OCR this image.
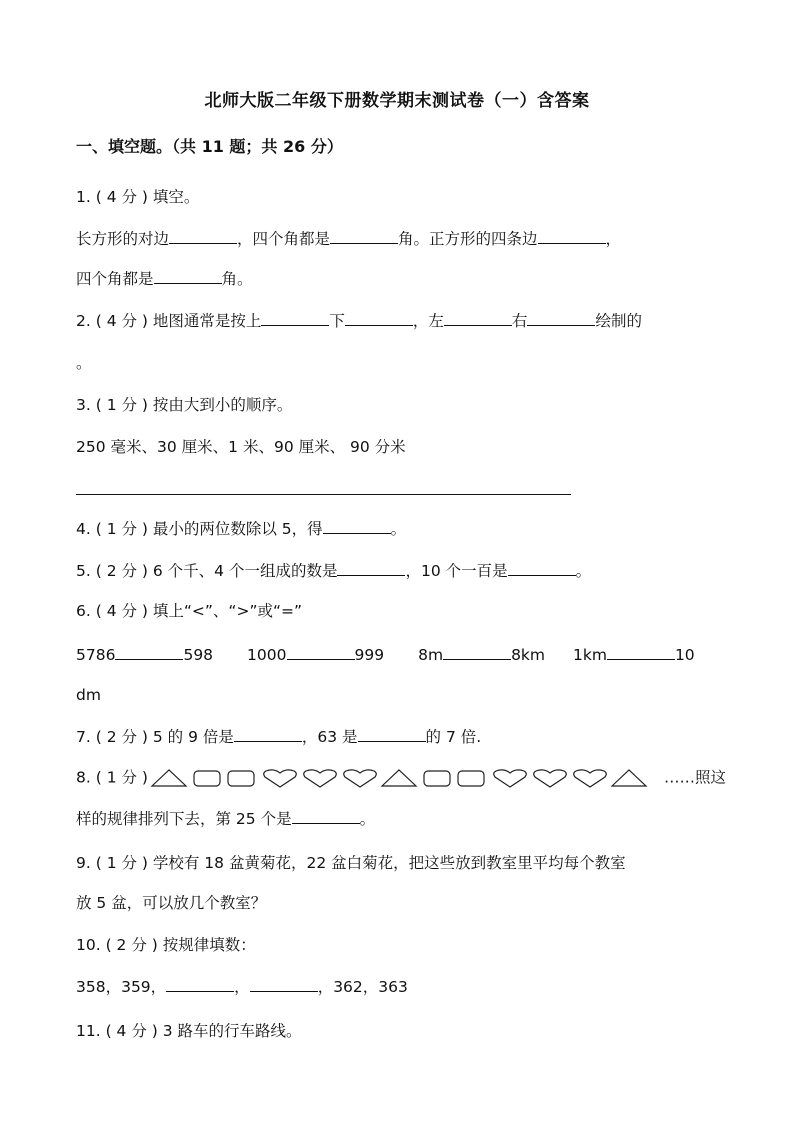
北师大版二年级下册数学期末测试卷（一）含答案
一、填空题。（共 11 题；共 26 分）
1. ( 4 分 ) 填空。
长方形的对边	，四个角都是	角。正方形的四条边	，
四个角都是	角。
2. ( 4 分 ) 地图通常是按上	下	，左	右	绘制的
。
3. ( 1 分 ) 按由大到小的顺序。
250 毫米、30 厘米、1 米、90 厘米、 90 分米
4. ( 1 分 ) 最小的两位数除以 5，得	。
5. ( 2 分 ) 6 个千、4 个一组成的数是	，10 个一百是	。
6. ( 4 分 ) 填上“<”、“>”或“=”
5786	598 1000	999 8m	8km 1km	10
dm
7. ( 2 分 ) 5 的 9 倍是	，63 是	的 7 倍.
8. ( 1 分 )	……照这
样的规律排列下去，第 25 个是	。
9. ( 1 分 ) 学校有 18 盆黄菊花，22 盆白菊花，把这些放到教室里平均每个教室
放 5 盆，可以放几个教室？
10. ( 2 分 ) 按规律填数：
358，359，	，	，362，363
11. ( 4 分 ) 3 路车的行车路线。
